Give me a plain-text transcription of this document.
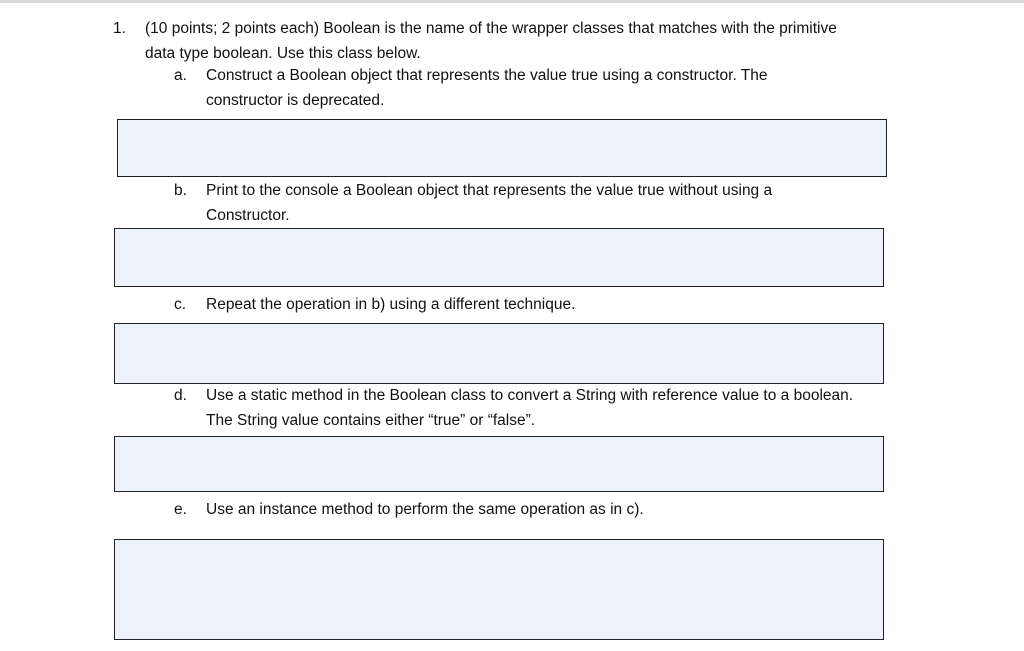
1. (10 points; 2 points each) Boolean is the name of the wrapper classes that matches with the primitive data type boolean. Use this class below.
a. Construct a Boolean object that represents the value true using a constructor. The constructor is deprecated.
b. Print to the console a Boolean object that represents the value true without using a Constructor.
c. Repeat the operation in b) using a different technique.
d. Use a static method in the Boolean class to convert a String with reference value to a boolean. The String value contains either “true” or “false”.
e. Use an instance method to perform the same operation as in c).
